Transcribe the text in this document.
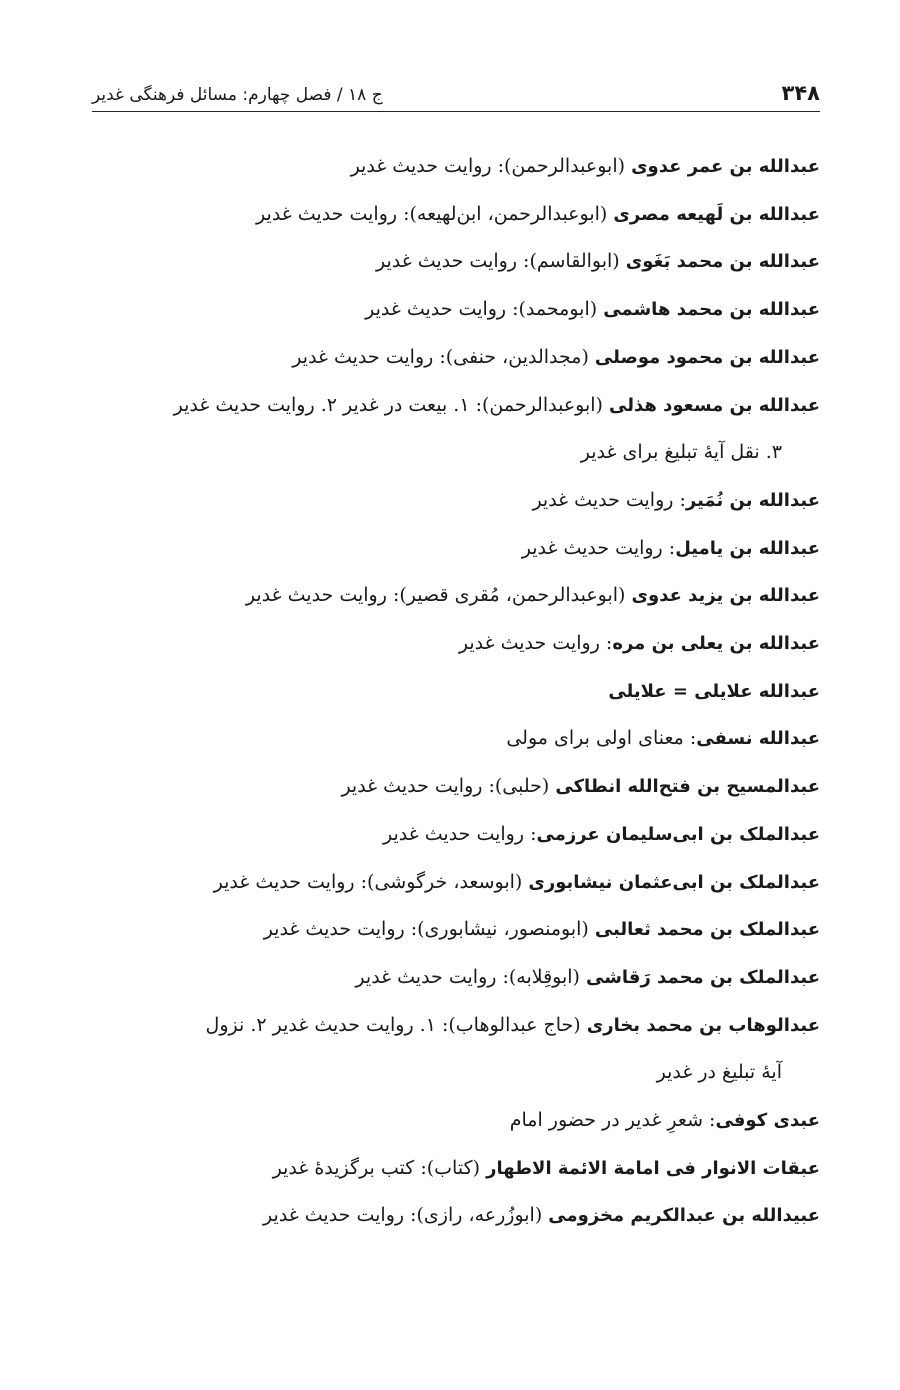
۳۴۸
ج ۱۸ / فصل چهارم: مسائل فرهنگی غدیر
عبدالله بن عمر عدوی (ابوعبدالرحمن): روایت حدیث غدیر
عبدالله بن لَهیعه مصری (ابوعبدالرحمن، ابن‌لهیعه): روایت حدیث غدیر
عبدالله بن محمد بَغَوی (ابوالقاسم): روایت حدیث غدیر
عبدالله بن محمد هاشمی (ابومحمد): روایت حدیث غدیر
عبدالله بن محمود موصلی (مجدالدین، حنفی): روایت حدیث غدیر
عبدالله بن مسعود هذلی (ابوعبدالرحمن): ۱. بیعت در غدیر ۲. روایت حدیث غدیر
۳. نقل آیهٔ تبلیغ برای غدیر
عبدالله بن نُمَیر: روایت حدیث غدیر
عبدالله بن یامیل: روایت حدیث غدیر
عبدالله بن یزید عدوی (ابوعبدالرحمن، مُقری قصیر): روایت حدیث غدیر
عبدالله بن یعلی بن مره: روایت حدیث غدیر
عبدالله علایلی = علایلی
عبدالله نسفی: معنای اولی برای مولی
عبدالمسیح بن فتح‌الله انطاکی (حلبی): روایت حدیث غدیر
عبدالملک بن ابی‌سلیمان عرزمی: روایت حدیث غدیر
عبدالملک بن ابی‌عثمان نیشابوری (ابوسعد، خرگوشی): روایت حدیث غدیر
عبدالملک بن محمد ثعالبی (ابومنصور، نیشابوری): روایت حدیث غدیر
عبدالملک بن محمد رَقاشی (ابوقِلابه): روایت حدیث غدیر
عبدالوهاب بن محمد بخاری (حاج عبدالوهاب): ۱. روایت حدیث غدیر ۲. نزول
آیهٔ تبلیغ در غدیر
عبدی کوفی: شعرِ غدیر در حضور امام
عبقات الانوار فی امامة الائمة الاطهار (کتاب): کتب برگزیدهٔ غدیر
عبیدالله بن عبدالکریم مخزومی (ابوزُرعه، رازی): روایت حدیث غدیر
